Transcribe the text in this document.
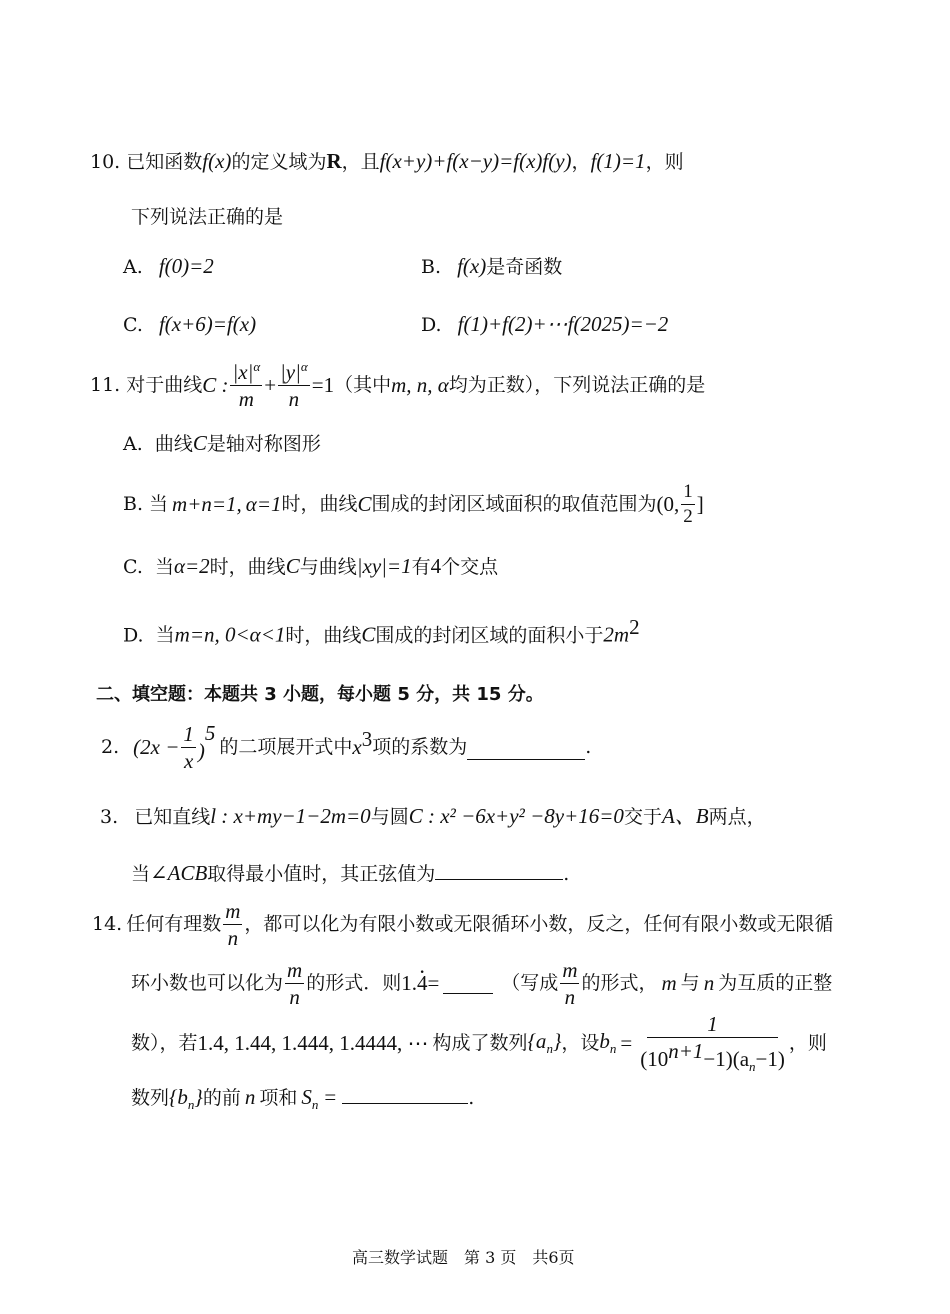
10. 已知函数f(x)的定义域为R，且f(x+y)+f(x−y)=f(x)f(y)，f(1)=1，则
下列说法正确的是
A. f(0)=2	B. f(x)是奇函数
C. f(x+6)=f(x)	D. f(1)+f(2)+⋯f(2025)=−2
11. 对于曲线 C : $\frac{|x|^\alpha}{m} + \frac{|y|^\alpha}{n} =1$ （其中 m, n, α 均为正数），下列说法正确的是
A. 曲线C是轴对称图形
B. 当 m+n=1, α=1 时，曲线 C 围成的封闭区域面积的取值范围为 (0, $\frac{1}{2}$ ]
C. 当α=2时，曲线C与曲线|xy|=1有4个交点
D. 当m=n, 0<α<1时，曲线C围成的封闭区域的面积小于$2m^2$
二、填空题：本题共 3 小题，每小题 5 分，共 15 分。
2. $(2x - \frac{1}{x} )^5$
的二项展开式中 $x^3$ 项的系数为	.
3. 已知直线l : x+my−1−2m=0与圆C : x² −6x+y² −8y+16=0交于A、B两点，
当∠ACB取得最小值时，其正弦值为	.
14. 任何有理数 $\frac{m}{n}$ ，都可以化为有限小数或无限循环小数，反之，任何有限小数或无限循
环小数也可以化为 $\frac{m}{n}$ 的形式．则 1.· 4=	（写成 $\frac{m}{n}$ 的形式， m 与 n 为互质的正整
数），若 1.4, 1.44, 1.444, 1.4444, ⋯ 构成了数列 $\{a_n\}$ ，设 $b_n = \frac{1}{(10^{n+1}-1)(a_n-1)}$ ，则
数列$\{b_n\}$的前 n 项和 $S_n$ =	.
高三数学试题　第 3 页　共6页
